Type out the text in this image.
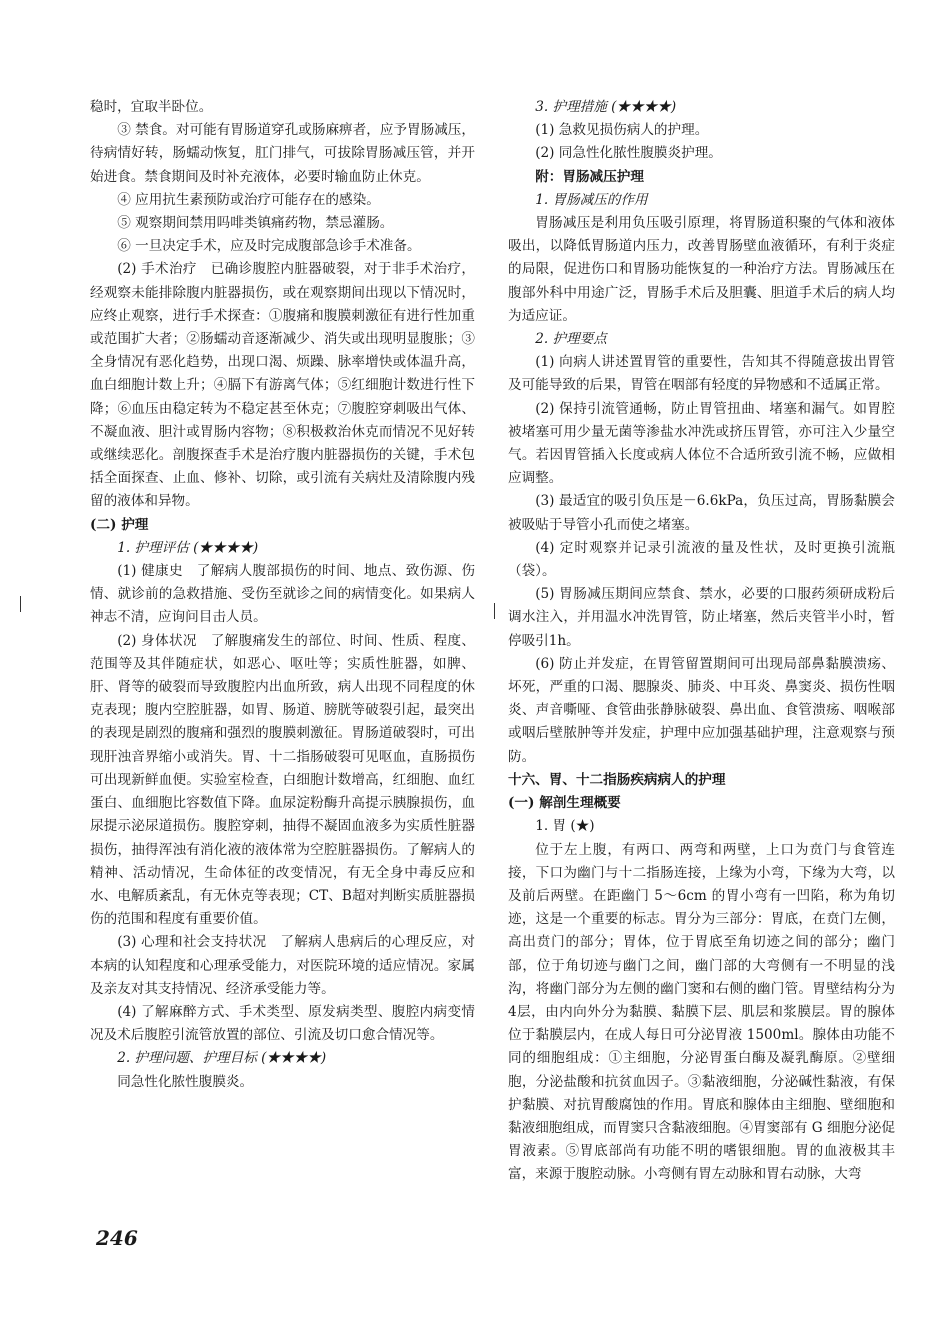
稳时，宜取半卧位。

③ 禁食。对可能有胃肠道穿孔或肠麻痹者，应予胃肠减压，待病情好转，肠蠕动恢复，肛门排气，可拔除胃肠减压管，并开始进食。禁食期间及时补充液体，必要时输血防止休克。

④ 应用抗生素预防或治疗可能存在的感染。

⑤ 观察期间禁用吗啡类镇痛药物，禁忌灌肠。

⑥ 一旦决定手术，应及时完成腹部急诊手术准备。

(2) 手术治疗　已确诊腹腔内脏器破裂，对于非手术治疗，经观察未能排除腹内脏器损伤，或在观察期间出现以下情况时，应终止观察，进行手术探查：①腹痛和腹膜刺激征有进行性加重或范围扩大者；②肠蠕动音逐渐减少、消失或出现明显腹胀；③全身情况有恶化趋势，出现口渴、烦躁、脉率增快或体温升高，血白细胞计数上升；④膈下有游离气体；⑤红细胞计数进行性下降；⑥血压由稳定转为不稳定甚至休克；⑦腹腔穿刺吸出气体、不凝血液、胆汁或胃肠内容物；⑧积极救治休克而情况不见好转或继续恶化。剖腹探查手术是治疗腹内脏器损伤的关键，手术包括全面探查、止血、修补、切除，或引流有关病灶及清除腹内残留的液体和异物。

(二) 护理

1. 护理评估 (★★★★)

(1) 健康史　了解病人腹部损伤的时间、地点、致伤源、伤情、就诊前的急救措施、受伤至就诊之间的病情变化。如果病人神志不清，应询问目击人员。

(2) 身体状况　了解腹痛发生的部位、时间、性质、程度、范围等及其伴随症状，如恶心、呕吐等；实质性脏器，如脾、肝、肾等的破裂而导致腹腔内出血所致，病人出现不同程度的休克表现；腹内空腔脏器，如胃、肠道、膀胱等破裂引起，最突出的表现是剧烈的腹痛和强烈的腹膜刺激征。胃肠道破裂时，可出现肝浊音界缩小或消失。胃、十二指肠破裂可见呕血，直肠损伤可出现新鲜血便。实验室检查，白细胞计数增高，红细胞、血红蛋白、血细胞比容数值下降。血尿淀粉酶升高提示胰腺损伤，血尿提示泌尿道损伤。腹腔穿刺，抽得不凝固血液多为实质性脏器损伤，抽得浑浊有消化液的液体常为空腔脏器损伤。了解病人的精神、活动情况，生命体征的改变情况，有无全身中毒反应和水、电解质紊乱，有无休克等表现；CT、B超对判断实质脏器损伤的范围和程度有重要价值。

(3) 心理和社会支持状况　了解病人患病后的心理反应，对本病的认知程度和心理承受能力，对医院环境的适应情况。家属及亲友对其支持情况、经济承受能力等。

(4) 了解麻醉方式、手术类型、原发病类型、腹腔内病变情况及术后腹腔引流管放置的部位、引流及切口愈合情况等。

2. 护理问题、护理目标 (★★★★)

同急性化脓性腹膜炎。

3. 护理措施 (★★★★)

(1) 急救见损伤病人的护理。

(2) 同急性化脓性腹膜炎护理。

附：胃肠减压护理

1. 胃肠减压的作用

胃肠减压是利用负压吸引原理，将胃肠道积聚的气体和液体吸出，以降低胃肠道内压力，改善胃肠壁血液循环，有利于炎症的局限，促进伤口和胃肠功能恢复的一种治疗方法。胃肠减压在腹部外科中用途广泛，胃肠手术后及胆囊、胆道手术后的病人均为适应证。

2. 护理要点

(1) 向病人讲述置胃管的重要性，告知其不得随意拔出胃管及可能导致的后果，胃管在咽部有轻度的异物感和不适属正常。

(2) 保持引流管通畅，防止胃管扭曲、堵塞和漏气。如胃腔被堵塞可用少量无菌等渗盐水冲洗或挤压胃管，亦可注入少量空气。若因胃管插入长度或病人体位不合适所致引流不畅，应做相应调整。

(3) 最适宜的吸引负压是－6.6kPa，负压过高，胃肠黏膜会被吸贴于导管小孔而使之堵塞。

(4) 定时观察并记录引流液的量及性状，及时更换引流瓶（袋）。

(5) 胃肠减压期间应禁食、禁水，必要的口服药须研成粉后调水注入，并用温水冲洗胃管，防止堵塞，然后夹管半小时，暂停吸引1h。

(6) 防止并发症，在胃管留置期间可出现局部鼻黏膜溃疡、坏死，严重的口渴、腮腺炎、肺炎、中耳炎、鼻窦炎、损伤性咽炎、声音嘶哑、食管曲张静脉破裂、鼻出血、食管溃疡、咽喉部或咽后壁脓肿等并发症，护理中应加强基础护理，注意观察与预防。

十六、胃、十二指肠疾病病人的护理

(一) 解剖生理概要

1. 胃 (★)

位于左上腹，有两口、两弯和两壁，上口为贲门与食管连接，下口为幽门与十二指肠连接，上缘为小弯，下缘为大弯，以及前后两壁。在距幽门 5～6cm 的胃小弯有一凹陷，称为角切迹，这是一个重要的标志。胃分为三部分：胃底，在贲门左侧，高出贲门的部分；胃体，位于胃底至角切迹之间的部分；幽门部，位于角切迹与幽门之间，幽门部的大弯侧有一不明显的浅沟，将幽门部分为左侧的幽门窦和右侧的幽门管。胃壁结构分为4层，由内向外分为黏膜、黏膜下层、肌层和浆膜层。胃的腺体位于黏膜层内，在成人每日可分泌胃液 1500ml。腺体由功能不同的细胞组成：①主细胞，分泌胃蛋白酶及凝乳酶原。②壁细胞，分泌盐酸和抗贫血因子。③黏液细胞，分泌碱性黏液，有保护黏膜、对抗胃酸腐蚀的作用。胃底和腺体由主细胞、壁细胞和黏液细胞组成，而胃窦只含黏液细胞。④胃窦部有 G 细胞分泌促胃液素。⑤胃底部尚有功能不明的嗜银细胞。胃的血液极其丰富，来源于腹腔动脉。小弯侧有胃左动脉和胃右动脉，大弯

246
